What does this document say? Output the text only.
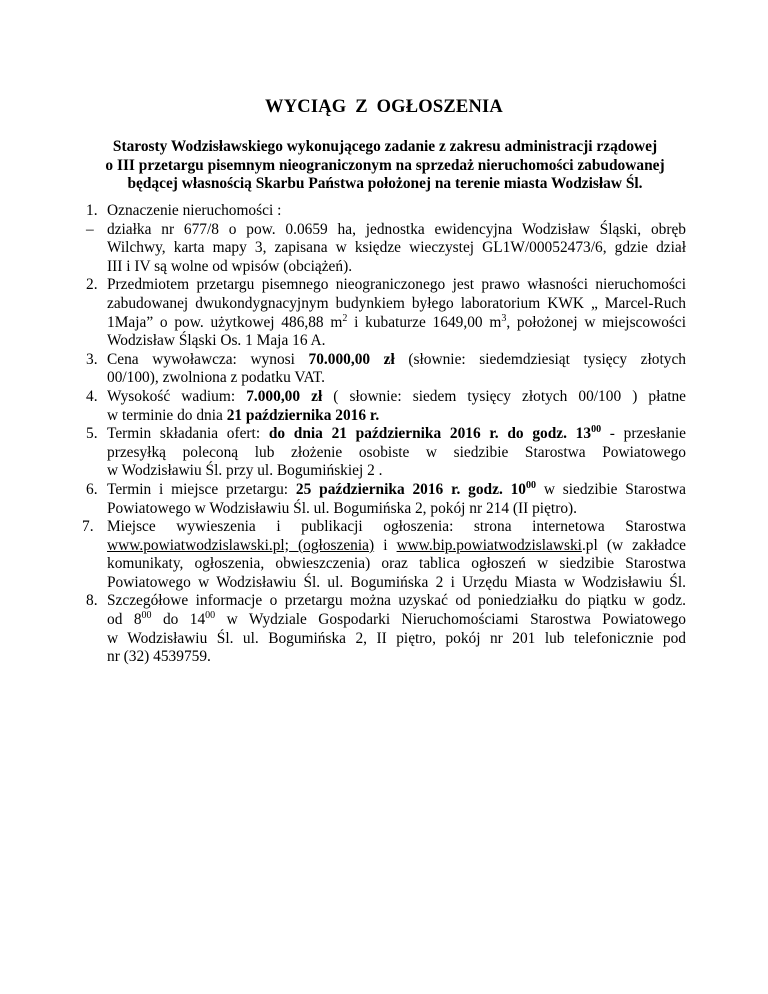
WYCIĄG Z OGŁOSZENIA
Starosty Wodzisławskiego wykonującego zadanie z zakresu administracji rządowej
o III przetargu pisemnym nieograniczonym na sprzedaż nieruchomości zabudowanej
będącej własnością Skarbu Państwa położonej na terenie miasta Wodzisław Śl.
1. Oznaczenie nieruchomości :
– działka nr 677/8 o pow. 0.0659 ha, jednostka ewidencyjna Wodzisław Śląski, obręb
Wilchwy, karta mapy 3, zapisana w księdze wieczystej GL1W/00052473/6, gdzie dział
III i IV są wolne od wpisów (obciążeń).
2. Przedmiotem przetargu pisemnego nieograniczonego jest prawo własności nieruchomości
zabudowanej dwukondygnacyjnym budynkiem byłego laboratorium KWK „ Marcel-Ruch
1Maja” o pow. użytkowej 486,88 $m^2$ i kubaturze 1649,00 $m^3$, położonej w miejscowości
Wodzisław Śląski Os. 1 Maja 16 A.
3. Cena wywoławcza: wynosi 70.000,00 zł (słownie: siedemdziesiąt tysięcy złotych
00/100), zwolniona z podatku VAT.
4. Wysokość wadium: 7.000,00 zł ( słownie: siedem tysięcy złotych 00/100 ) płatne
w terminie do dnia 21 października 2016 r.
5. Termin składania ofert: do dnia 21 października 2016 r. do godz. $13^{00}$ - przesłanie
przesyłką poleconą lub złożenie osobiste w siedzibie Starostwa Powiatowego
w Wodzisławiu Śl. przy ul. Bogumińskiej 2 .
6. Termin i miejsce przetargu: 25 października 2016 r. godz. $10^{00}$ w siedzibie Starostwa
Powiatowego w Wodzisławiu Śl. ul. Bogumińska 2, pokój nr 214 (II piętro).
7. Miejsce wywieszenia i publikacji ogłoszenia: strona internetowa Starostwa
www.powiatwodzislawski.pl; (ogłoszenia) i www.bip.powiatwodzislawski.pl (w zakładce
komunikaty, ogłoszenia, obwieszczenia) oraz tablica ogłoszeń w siedzibie Starostwa
Powiatowego w Wodzisławiu Śl. ul. Bogumińska 2 i Urzędu Miasta w Wodzisławiu Śl.
8. Szczegółowe informacje o przetargu można uzyskać od poniedziałku do piątku w godz.
od $8^{00}$ do $14^{00}$ w Wydziale Gospodarki Nieruchomościami Starostwa Powiatowego
w Wodzisławiu Śl. ul. Bogumińska 2, II piętro, pokój nr 201 lub telefonicznie pod
nr (32) 4539759.
